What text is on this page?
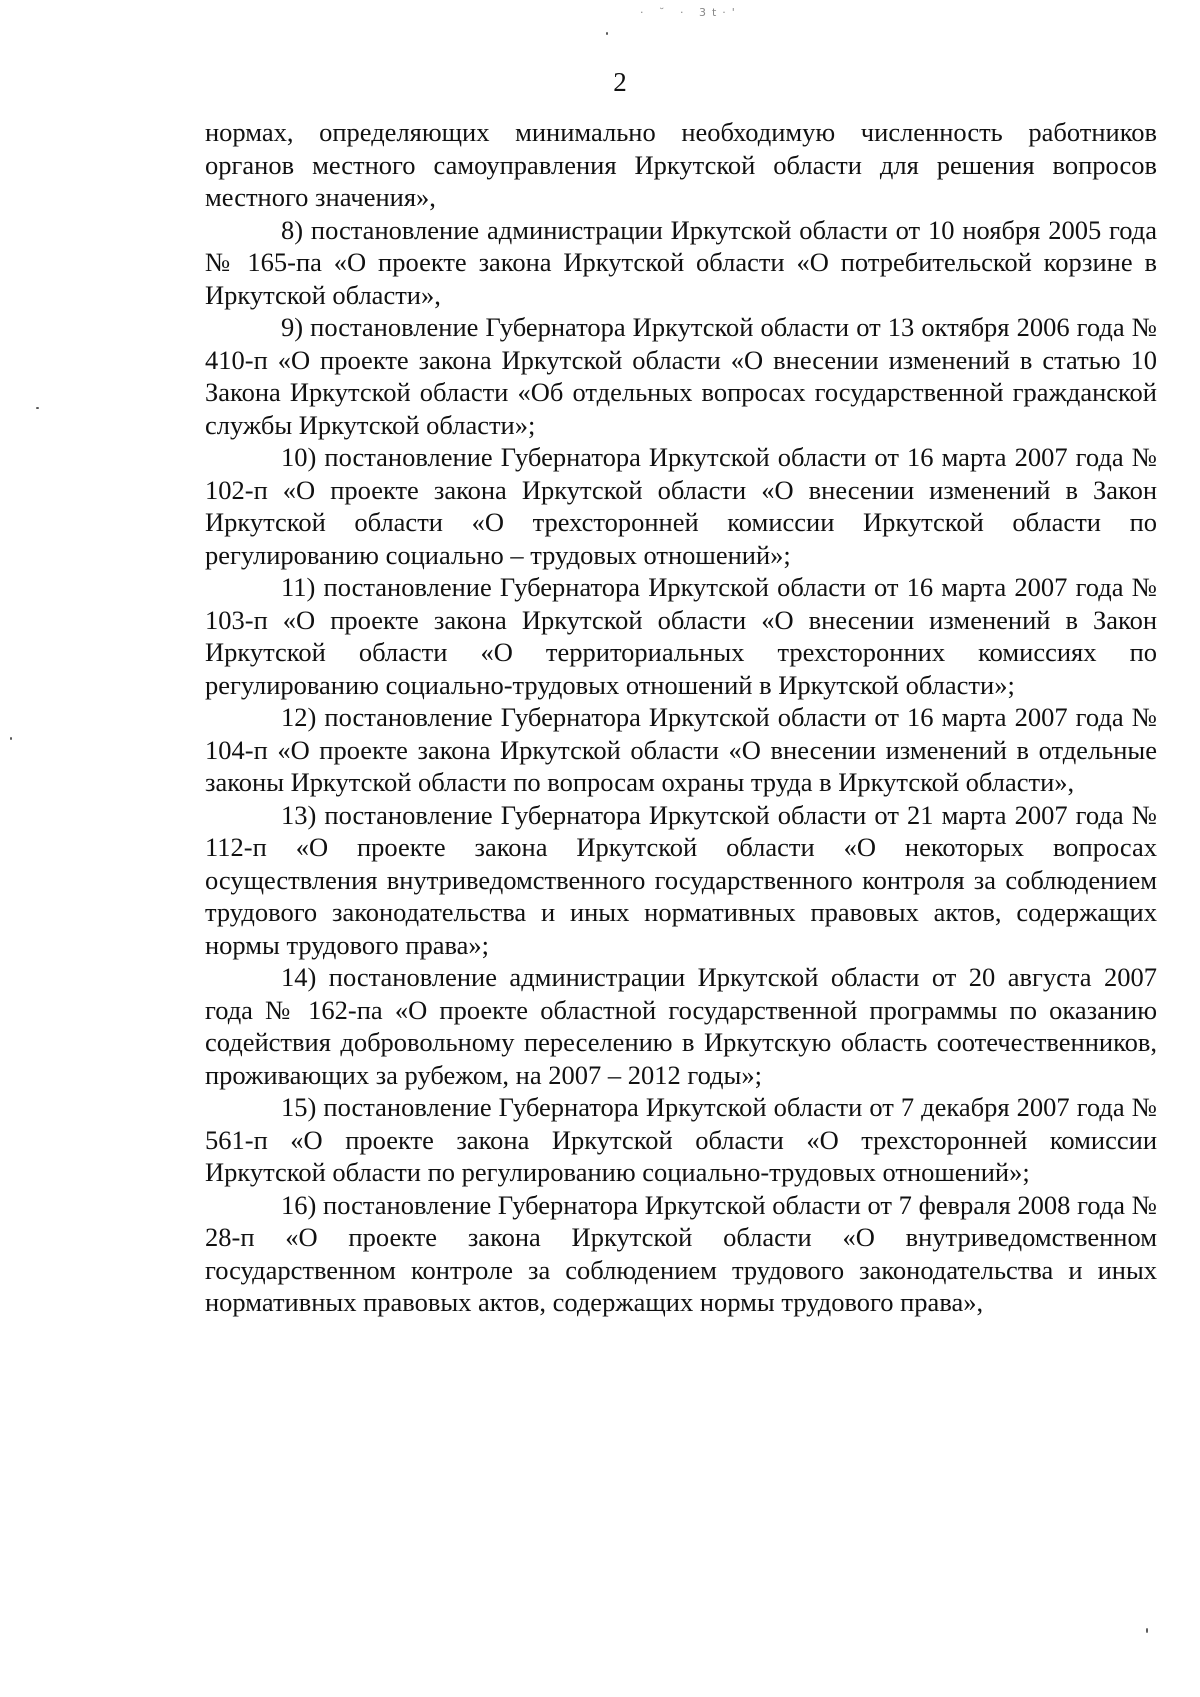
· ˘ · 3t·'
2

нормах, определяющих минимально необходимую численность работников органов местного самоуправления Иркутской области для решения вопросов местного значения»,

8) постановление администрации Иркутской области от 10 ноября 2005 года № 165-па «О проекте закона Иркутской области «О потребительской корзине в Иркутской области»,

9) постановление Губернатора Иркутской области от 13 октября 2006 года № 410-п «О проекте закона Иркутской области «О внесении изменений в статью 10 Закона Иркутской области «Об отдельных вопросах государственной гражданской службы Иркутской области»;

10) постановление Губернатора Иркутской области от 16 марта 2007 года № 102-п «О проекте закона Иркутской области «О внесении изменений в Закон Иркутской области «О трехсторонней комиссии Иркутской области по регулированию социально – трудовых отношений»;

11) постановление Губернатора Иркутской области от 16 марта 2007 года № 103-п «О проекте закона Иркутской области «О внесении изменений в Закон Иркутской области «О территориальных трехсторонних комиссиях по регулированию социально-трудовых отношений в Иркутской области»;

12) постановление Губернатора Иркутской области от 16 марта 2007 года № 104-п «О проекте закона Иркутской области «О внесении изменений в отдельные законы Иркутской области по вопросам охраны труда в Иркутской области»,

13) постановление Губернатора Иркутской области от 21 марта 2007 года № 112-п «О проекте закона Иркутской области «О некоторых вопросах осуществления внутриведомственного государственного контроля за соблюдением трудового законодательства и иных нормативных правовых актов, содержащих нормы трудового права»;

14) постановление администрации Иркутской области от 20 августа 2007 года № 162-па «О проекте областной государственной программы по оказанию содействия добровольному переселению в Иркутскую область соотечественников, проживающих за рубежом, на 2007 – 2012 годы»;

15) постановление Губернатора Иркутской области от 7 декабря 2007 года № 561-п «О проекте закона Иркутской области «О трехсторонней комиссии Иркутской области по регулированию социально-трудовых отношений»;

16) постановление Губернатора Иркутской области от 7 февраля 2008 года № 28-п «О проекте закона Иркутской области «О внутриведомственном государственном контроле за соблюдением трудового законодательства и иных нормативных правовых актов, содержащих нормы трудового права»,
